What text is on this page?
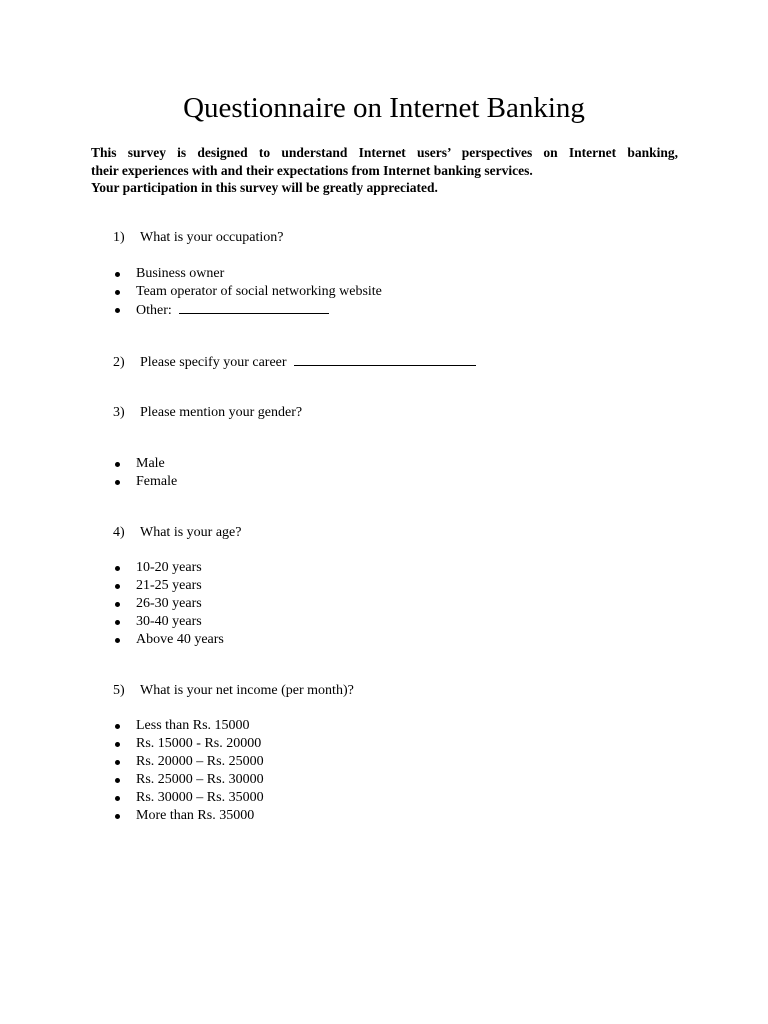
Questionnaire on Internet Banking
This survey is designed to understand Internet users’ perspectives on Internet banking,
their experiences with and their expectations from Internet banking services.
Your participation in this survey will be greatly appreciated.
1) What is your occupation?
Business owner
Team operator of social networking website
Other:
2) Please specify your career
3) Please mention your gender?
Male
Female
4) What is your age?
10-20 years
21-25 years
26-30 years
30-40 years
Above 40 years
5) What is your net income (per month)?
Less than Rs. 15000
Rs. 15000 - Rs. 20000
Rs. 20000 – Rs. 25000
Rs. 25000 – Rs. 30000
Rs. 30000 – Rs. 35000
More than Rs. 35000
